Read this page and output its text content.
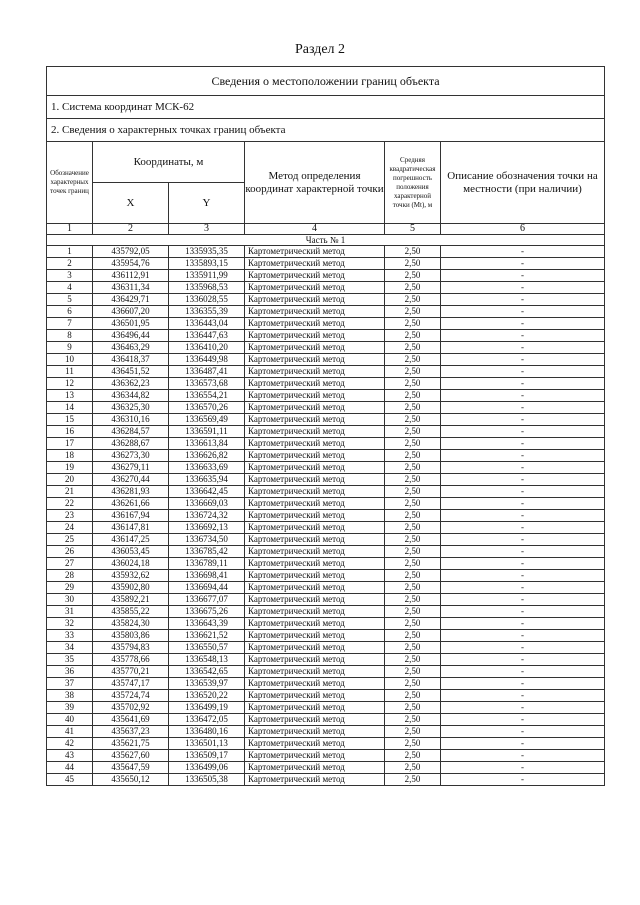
Раздел 2
Сведения о местоположении границ объекта					
1. Система координат МСК-62					
2. Сведения о характерных точках границ объекта					
Обозначение характерных точек границ	Координаты, м		Метод определения координат характерной точки	Средняя квадратическая погрешность положения характерной точки (Mt), м	Описание обозначения точки на местности (при наличии)
	X	Y			
1	2	3	4	5	6
Часть № 1					
1	435792,05	1335935,35	Картометрический метод	2,50	-
2	435954,76	1335893,15	Картометрический метод	2,50	-
3	436112,91	1335911,99	Картометрический метод	2,50	-
4	436311,34	1335968,53	Картометрический метод	2,50	-
5	436429,71	1336028,55	Картометрический метод	2,50	-
6	436607,20	1336355,39	Картометрический метод	2,50	-
7	436501,95	1336443,04	Картометрический метод	2,50	-
8	436496,44	1336447,63	Картометрический метод	2,50	-
9	436463,29	1336410,20	Картометрический метод	2,50	-
10	436418,37	1336449,98	Картометрический метод	2,50	-
11	436451,52	1336487,41	Картометрический метод	2,50	-
12	436362,23	1336573,68	Картометрический метод	2,50	-
13	436344,82	1336554,21	Картометрический метод	2,50	-
14	436325,30	1336570,26	Картометрический метод	2,50	-
15	436310,16	1336569,49	Картометрический метод	2,50	-
16	436284,57	1336591,11	Картометрический метод	2,50	-
17	436288,67	1336613,84	Картометрический метод	2,50	-
18	436273,30	1336626,82	Картометрический метод	2,50	-
19	436279,11	1336633,69	Картометрический метод	2,50	-
20	436270,44	1336635,94	Картометрический метод	2,50	-
21	436281,93	1336642,45	Картометрический метод	2,50	-
22	436261,66	1336669,03	Картометрический метод	2,50	-
23	436167,94	1336724,32	Картометрический метод	2,50	-
24	436147,81	1336692,13	Картометрический метод	2,50	-
25	436147,25	1336734,50	Картометрический метод	2,50	-
26	436053,45	1336785,42	Картометрический метод	2,50	-
27	436024,18	1336789,11	Картометрический метод	2,50	-
28	435932,62	1336698,41	Картометрический метод	2,50	-
29	435902,80	1336694,44	Картометрический метод	2,50	-
30	435892,21	1336677,07	Картометрический метод	2,50	-
31	435855,22	1336675,26	Картометрический метод	2,50	-
32	435824,30	1336643,39	Картометрический метод	2,50	-
33	435803,86	1336621,52	Картометрический метод	2,50	-
34	435794,83	1336550,57	Картометрический метод	2,50	-
35	435778,66	1336548,13	Картометрический метод	2,50	-
36	435770,21	1336542,65	Картометрический метод	2,50	-
37	435747,17	1336539,97	Картометрический метод	2,50	-
38	435724,74	1336520,22	Картометрический метод	2,50	-
39	435702,92	1336499,19	Картометрический метод	2,50	-
40	435641,69	1336472,05	Картометрический метод	2,50	-
41	435637,23	1336480,16	Картометрический метод	2,50	-
42	435621,75	1336501,13	Картометрический метод	2,50	-
43	435627,60	1336509,17	Картометрический метод	2,50	-
44	435647,59	1336499,06	Картометрический метод	2,50	-
45	435650,12	1336505,38	Картометрический метод	2,50	-
